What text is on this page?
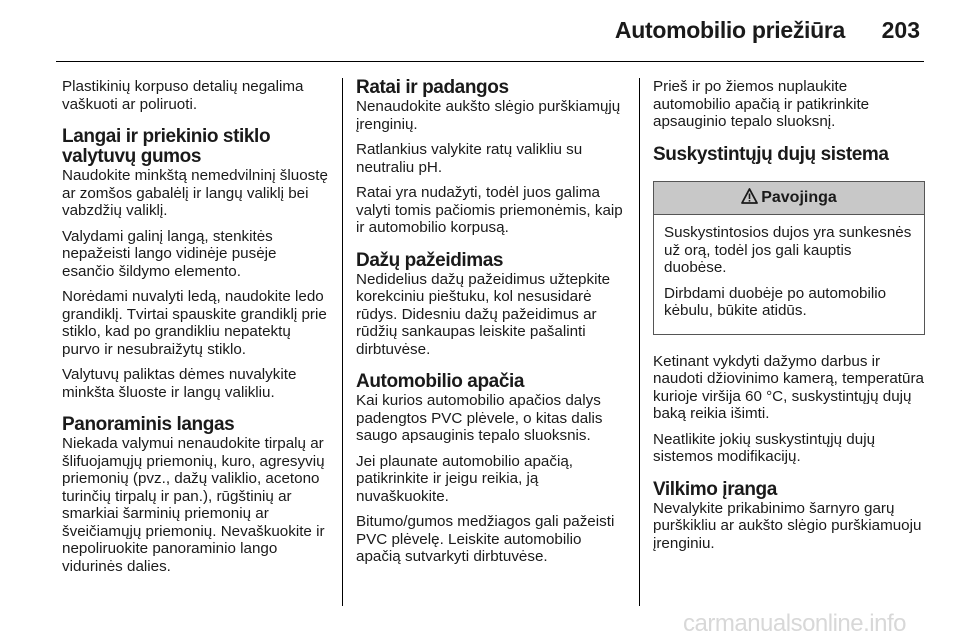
Automobilio priežiūra 203

Plastikinių korpuso detalių negalima vaškuoti ar poliruoti.

Langai ir priekinio stiklo valytuvų gumos

Naudokite minkštą nemedvilninį šluostę ar zomšos gabalėlį ir langų valiklį bei vabzdžių valiklį.

Valydami galinį langą, stenkitės nepažeisti lango vidinėje pusėje esančio šildymo elemento.

Norėdami nuvalyti ledą, naudokite ledo grandiklį. Tvirtai spauskite grandiklį prie stiklo, kad po grandikliu nepatektų purvo ir nesubraižytų stiklo.

Valytuvų paliktas dėmes nuvalykite minkšta šluoste ir langų valikliu.

Panoraminis langas

Niekada valymui nenaudokite tirpalų ar šlifuojamųjų priemonių, kuro, agresyvių priemonių (pvz., dažų valiklio, acetono turinčių tirpalų ir pan.), rūgštinių ar smarkiai šarminių priemonių ar šveičiamųjų priemonių. Nevaškuokite ir nepoliruokite panoraminio lango vidurinės dalies.

Ratai ir padangos

Nenaudokite aukšto slėgio purškiamųjų įrenginių.

Ratlankius valykite ratų valikliu su neutraliu pH.

Ratai yra nudažyti, todėl juos galima valyti tomis pačiomis priemonėmis, kaip ir automobilio korpusą.

Dažų pažeidimas

Nedidelius dažų pažeidimus užtepkite korekciniu pieštuku, kol nesusidarė rūdys. Didesniu dažų pažeidimus ar rūdžių sankaupas leiskite pašalinti dirbtuvėse.

Automobilio apačia

Kai kurios automobilio apačios dalys padengtos PVC plėvele, o kitas dalis saugo apsauginis tepalo sluoksnis.

Jei plaunate automobilio apačią, patikrinkite ir jeigu reikia, ją nuvaškuokite.

Bitumo/gumos medžiagos gali pažeisti PVC plėvelę. Leiskite automobilio apačią sutvarkyti dirbtuvėse.

Prieš ir po žiemos nuplaukite automobilio apačią ir patikrinkite apsauginio tepalo sluoksnį.

Suskystintųjų dujų sistema
Pavojinga

Suskystintosios dujos yra sunkesnės už orą, todėl jos gali kauptis duobėse.

Dirbdami duobėje po automobilio kėbulu, būkite atidūs.

Ketinant vykdyti dažymo darbus ir naudoti džiovinimo kamerą, temperatūra kurioje viršija 60 °C, suskystintųjų dujų baką reikia išimti.

Neatlikite jokių suskystintųjų dujų sistemos modifikacijų.

Vilkimo įranga

Nevalykite prikabinimo šarnyro garų purškikliu ar aukšto slėgio purškiamuoju įrenginiu.

carmanualsonline.info
